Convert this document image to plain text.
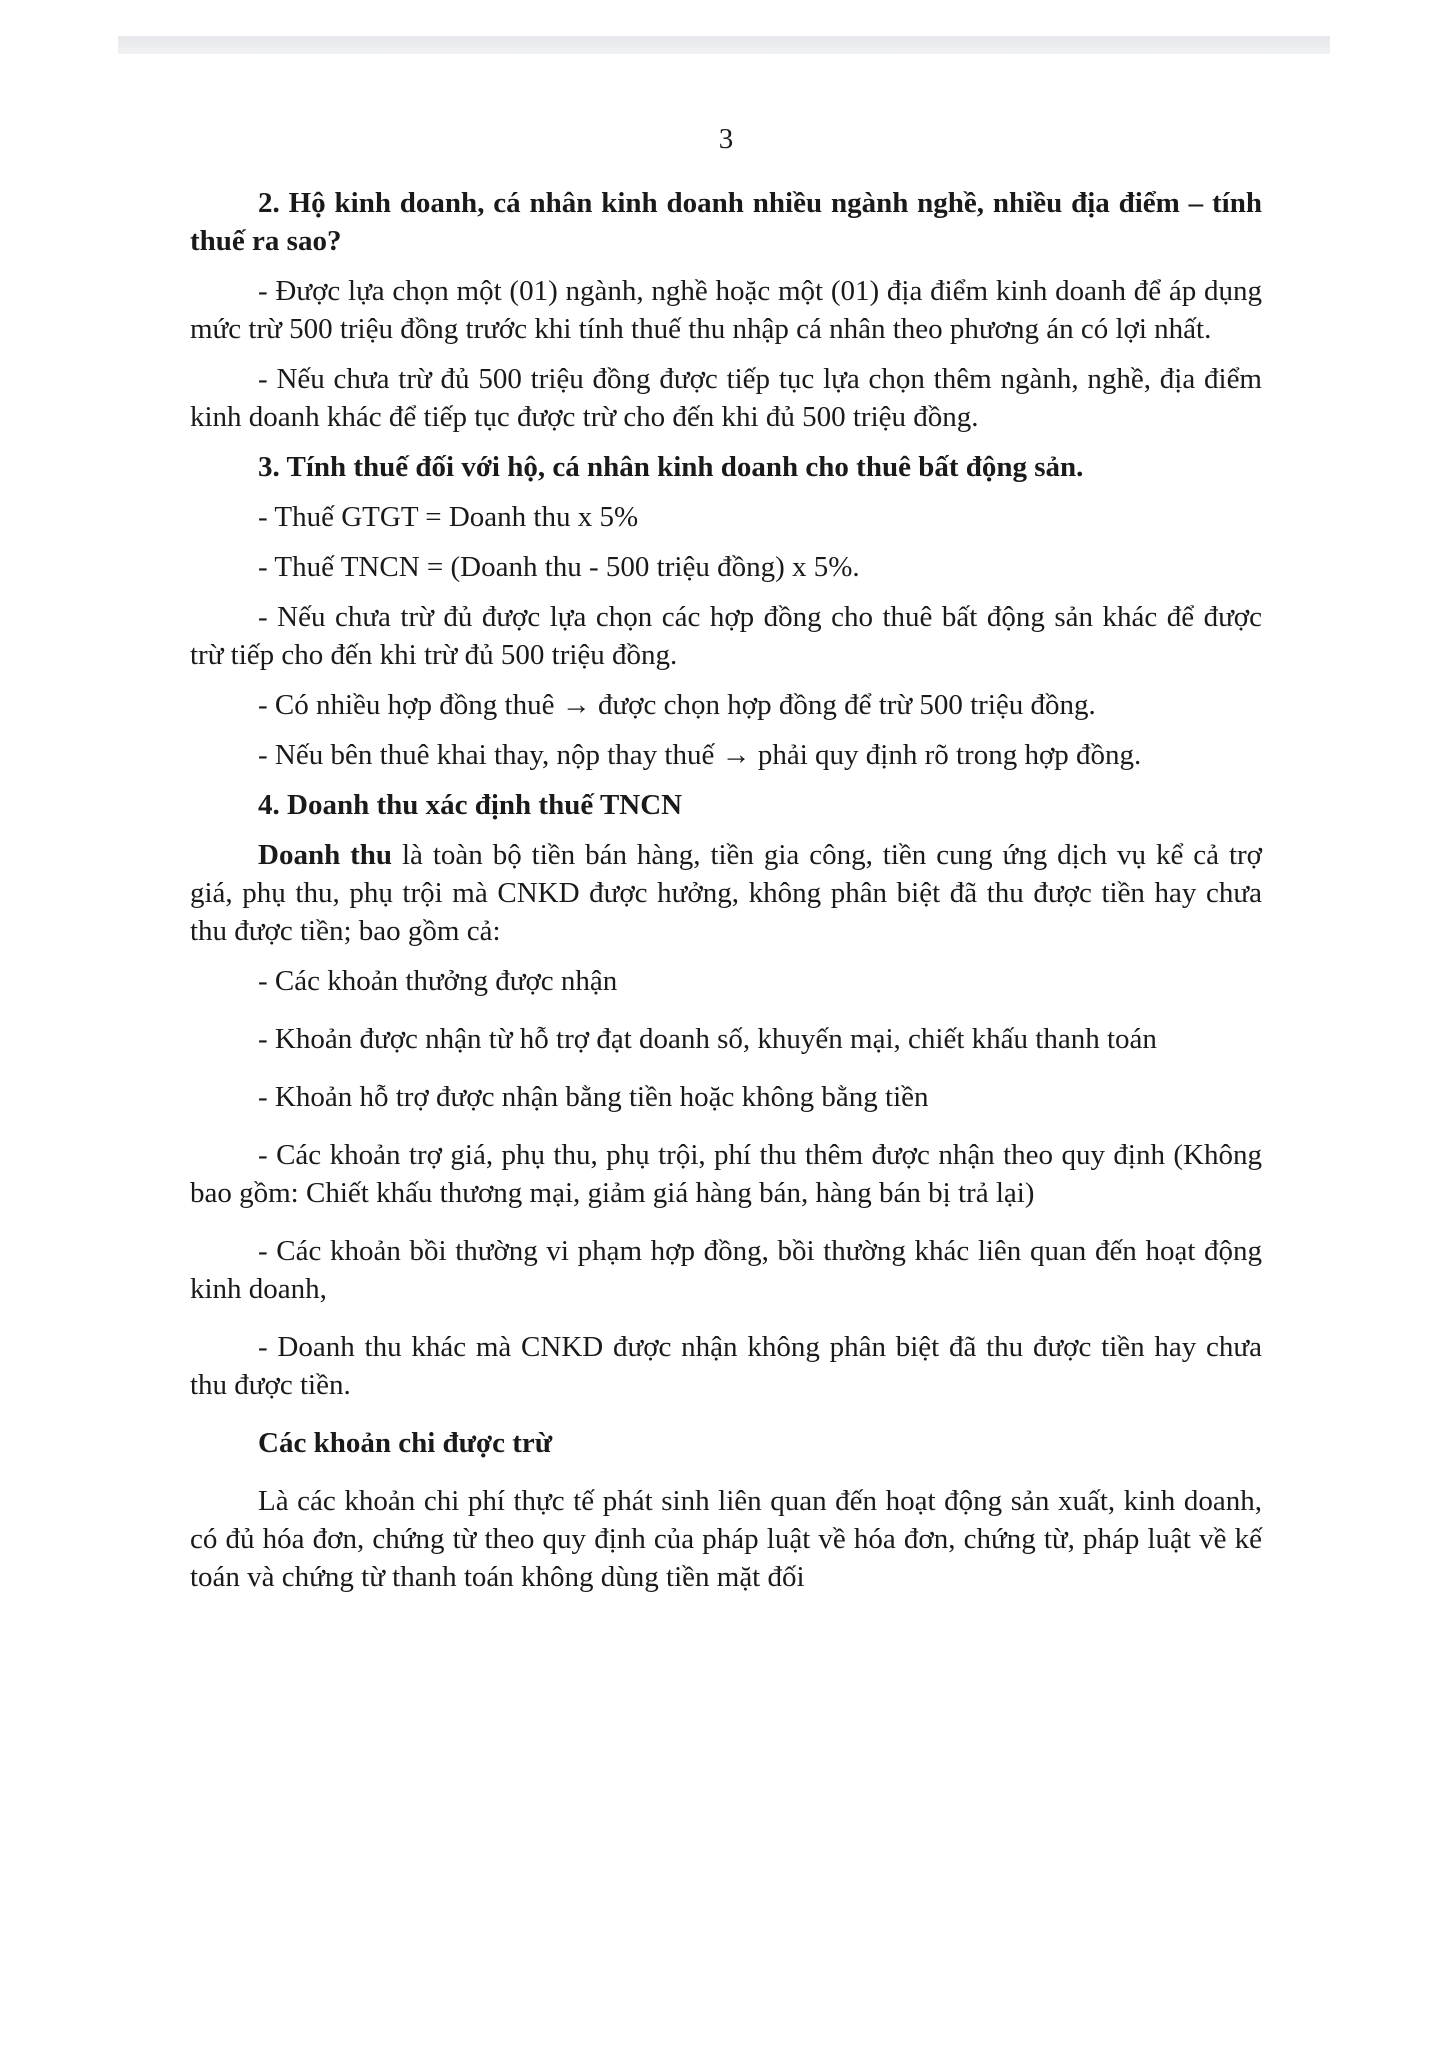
3

2. Hộ kinh doanh, cá nhân kinh doanh nhiều ngành nghề, nhiều địa điểm – tính thuế ra sao?

- Được lựa chọn một (01) ngành, nghề hoặc một (01) địa điểm kinh doanh để áp dụng mức trừ 500 triệu đồng trước khi tính thuế thu nhập cá nhân theo phương án có lợi nhất.

- Nếu chưa trừ đủ 500 triệu đồng được tiếp tục lựa chọn thêm ngành, nghề, địa điểm kinh doanh khác để tiếp tục được trừ cho đến khi đủ 500 triệu đồng.

3. Tính thuế đối với hộ, cá nhân kinh doanh cho thuê bất động sản.

- Thuế GTGT = Doanh thu x 5%

- Thuế TNCN = (Doanh thu - 500 triệu đồng) x 5%.

- Nếu chưa trừ đủ được lựa chọn các hợp đồng cho thuê bất động sản khác để được trừ tiếp cho đến khi trừ đủ 500 triệu đồng.

- Có nhiều hợp đồng thuê → được chọn hợp đồng để trừ 500 triệu đồng.

- Nếu bên thuê khai thay, nộp thay thuế → phải quy định rõ trong hợp đồng.

4. Doanh thu xác định thuế TNCN

Doanh thu là toàn bộ tiền bán hàng, tiền gia công, tiền cung ứng dịch vụ kể cả trợ giá, phụ thu, phụ trội mà CNKD được hưởng, không phân biệt đã thu được tiền hay chưa thu được tiền; bao gồm cả:

- Các khoản thưởng được nhận

- Khoản được nhận từ hỗ trợ đạt doanh số, khuyến mại, chiết khấu thanh toán

- Khoản hỗ trợ được nhận bằng tiền hoặc không bằng tiền

- Các khoản trợ giá, phụ thu, phụ trội, phí thu thêm được nhận theo quy định (Không bao gồm: Chiết khấu thương mại, giảm giá hàng bán, hàng bán bị trả lại)

- Các khoản bồi thường vi phạm hợp đồng, bồi thường khác liên quan đến hoạt động kinh doanh,

- Doanh thu khác mà CNKD được nhận không phân biệt đã thu được tiền hay chưa thu được tiền.

Các khoản chi được trừ

Là các khoản chi phí thực tế phát sinh liên quan đến hoạt động sản xuất, kinh doanh, có đủ hóa đơn, chứng từ theo quy định của pháp luật về hóa đơn, chứng từ, pháp luật về kế toán và chứng từ thanh toán không dùng tiền mặt đối
